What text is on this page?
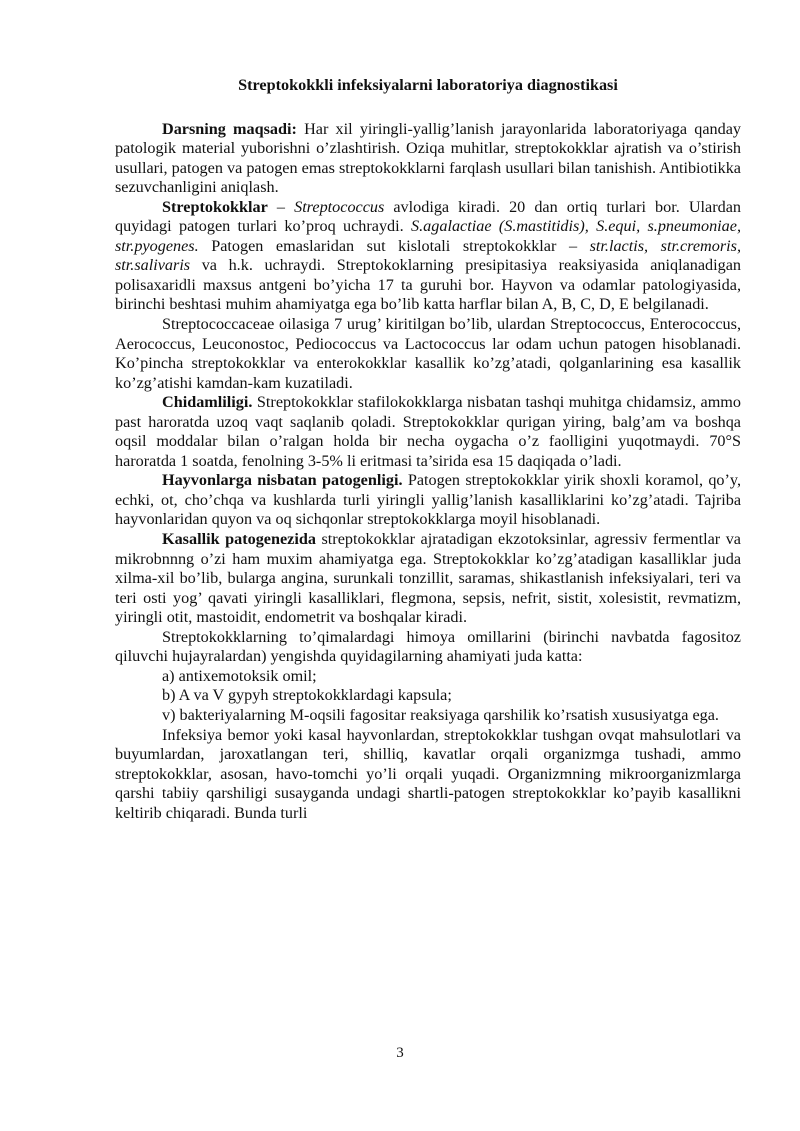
Streptokokkli infeksiyalarni laboratoriya diagnostikasi

Darsning maqsadi: Har xil yiringli-yallig’lanish jarayonlarida laboratoriyaga qanday patologik material yuborishni o’zlashtirish. Oziqa muhitlar, streptokokklar ajratish va o’stirish usullari, patogen va patogen emas streptokokklarni farqlash usullari bilan tanishish. Antibiotikka sezuvchanligini aniqlash.

Streptokokklar – Streptococcus avlodiga kiradi. 20 dan ortiq turlari bor. Ulardan quyidagi patogen turlari ko’proq uchraydi. S.agalactiae (S.mastitidis), S.equi, s.pneumoniae, str.pyogenes. Patogen emaslaridan sut kislotali streptokokklar – str.lactis, str.cremoris, str.salivaris va h.k. uchraydi. Streptokoklarning presipitasiya reaksiyasida aniqlanadigan polisaxaridli maxsus antgeni bo’yicha 17 ta guruhi bor. Hayvon va odamlar patologiyasida, birinchi beshtasi muhim ahamiyatga ega bo’lib katta harflar bilan A, B, C, D, E belgilanadi.

Streptococcaceae oilasiga 7 urug’ kiritilgan bo’lib, ulardan Streptococcus, Enterococcus, Aerococcus, Leuconostoc, Pediococcus va Lactococcus lar odam uchun patogen hisoblanadi. Ko’pincha streptokokklar va enterokokklar kasallik ko’zg’atadi, qolganlarining esa kasallik ko’zg’atishi kamdan-kam kuzatiladi.

Chidamliligi. Streptokokklar stafilokokklarga nisbatan tashqi muhitga chidamsiz, ammo past haroratda uzoq vaqt saqlanib qoladi. Streptokokklar qurigan yiring, balg’am va boshqa oqsil moddalar bilan o’ralgan holda bir necha oygacha o’z faolligini yuqotmaydi. 70°S haroratda 1 soatda, fenolning 3-5% li eritmasi ta’sirida esa 15 daqiqada o’ladi.

Hayvonlarga nisbatan patogenligi. Patogen streptokokklar yirik shoxli koramol, qo’y, echki, ot, cho’chqa va kushlarda turli yiringli yallig’lanish kasalliklarini ko’zg’atadi. Tajriba hayvonlaridan quyon va oq sichqonlar streptokokklarga moyil hisoblanadi.

Kasallik patogenezida streptokokklar ajratadigan ekzotoksinlar, agressiv fermentlar va mikrobnnng o’zi ham muxim ahamiyatga ega. Streptokokklar ko’zg’atadigan kasalliklar juda xilma-xil bo’lib, bularga angina, surunkali tonzillit, saramas, shikastlanish infeksiyalari, teri va teri osti yog’ qavati yiringli kasalliklari, flegmona, sepsis, nefrit, sistit, xolesistit, revmatizm, yiringli otit, mastoidit, endometrit va boshqalar kiradi.

Streptokokklarning to’qimalardagi himoya omillarini (birinchi navbatda fagositoz qiluvchi hujayralardan) yengishda quyidagilarning ahamiyati juda katta:

a) antixemotoksik omil;

b) A va V gypyh streptokokklardagi kapsula;

v) bakteriyalarning M-oqsili fagositar reaksiyaga qarshilik ko’rsatish xususiyatga ega.

Infeksiya bemor yoki kasal hayvonlardan, streptokokklar tushgan ovqat mahsulotlari va buyumlardan, jaroxatlangan teri, shilliq, kavatlar orqali organizmga tushadi, ammo streptokokklar, asosan, havo-tomchi yo’li orqali yuqadi. Organizmning mikroorganizmlarga qarshi tabiiy qarshiligi susayganda undagi shartli-patogen streptokokklar ko’payib kasallikni keltirib chiqaradi. Bunda turli

3
